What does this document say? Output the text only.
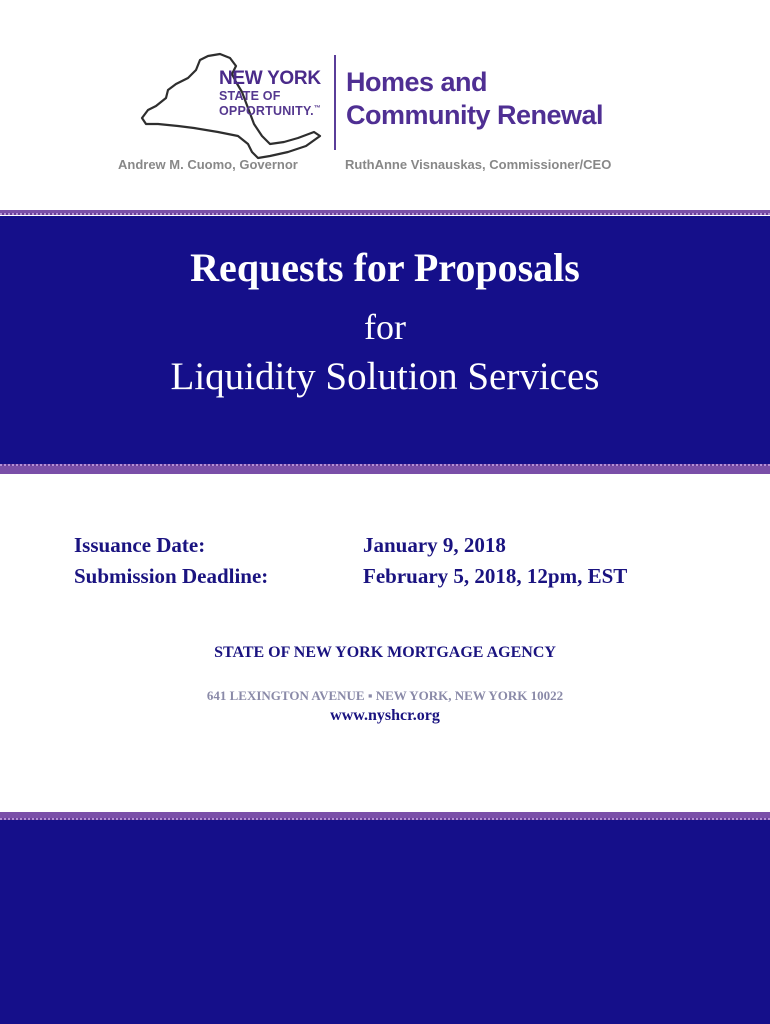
NEW YORK
STATE OF
OPPORTUNITY.™
Homes and
Community Renewal
Andrew M. Cuomo, Governor	RuthAnne Visnauskas, Commissioner/CEO
Requests for Proposals
for
Liquidity Solution Services
Issuance Date:
Submission Deadline:
January 9, 2018
February 5, 2018, 12pm, EST
STATE OF NEW YORK MORTGAGE AGENCY
641 LEXINGTON AVENUE ▪ NEW YORK, NEW YORK 10022
www.nyshcr.org
